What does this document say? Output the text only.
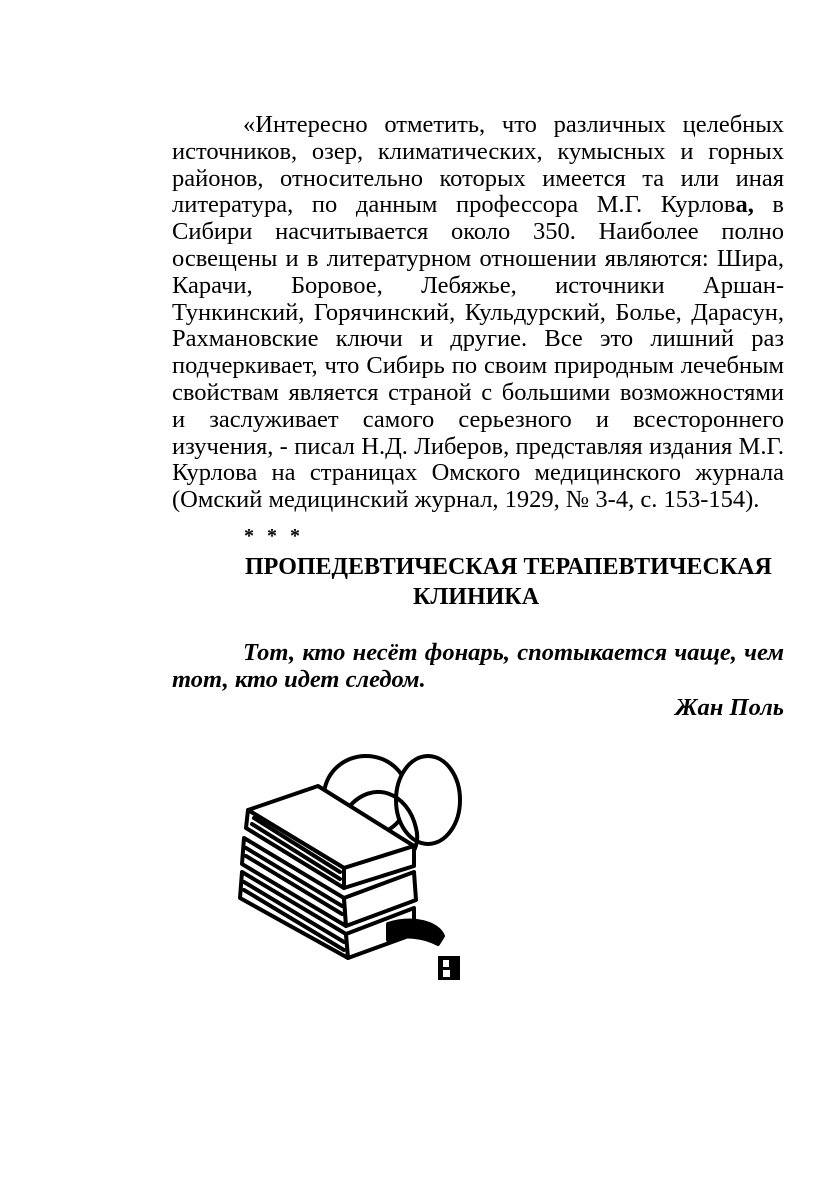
«Интересно отметить, что различных целебных источников, озер, климатических, кумысных и горных районов, относительно которых имеется та или иная литература, по данным профессора М.Г. Курлова, в Сибири насчитывается около 350. Наиболее полно освещены и в литературном отношении являются: Шира, Карачи, Боровое, Лебяжье, источники Аршан-Тункинский, Горячинский, Кульдурский, Болье, Дарасун, Рахмановские ключи и другие. Все это лишний раз подчеркивает, что Сибирь по своим природным лечебным свойствам является страной с большими возможностями и заслуживает самого серьезного и всестороннего изучения, - писал Н.Д. Либеров, представляя издания М.Г. Курлова на страницах Омского медицинского журнала (Омский медицинский журнал, 1929, № 3-4, с. 153-154).

* * *
ПРОПЕДЕВТИЧЕСКАЯ ТЕРАПЕВТИЧЕСКАЯ
КЛИНИКА
Тот, кто несёт фонарь, спотыкается чаще, чем тот, кто идет следом.
Жан Поль
